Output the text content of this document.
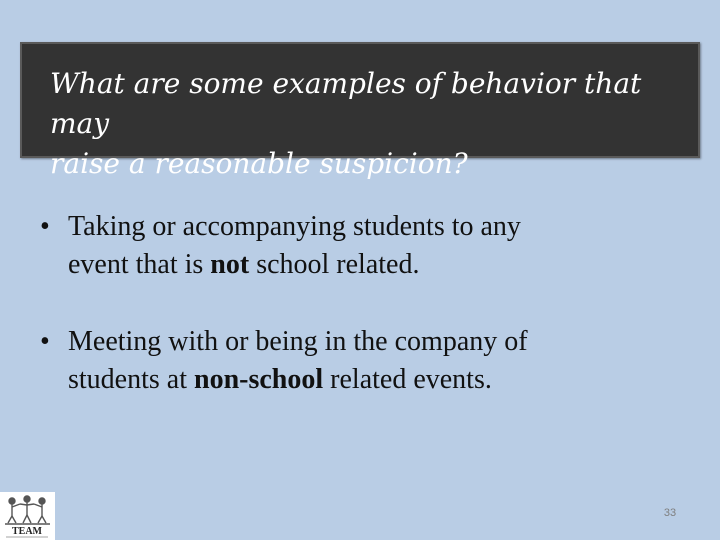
What are some examples of behavior that may
raise a reasonable suspicion?
• Taking or accompanying students to any
event that is not school related.
• Meeting with or being in the company of
students at non-school related events.
TEAM
33
